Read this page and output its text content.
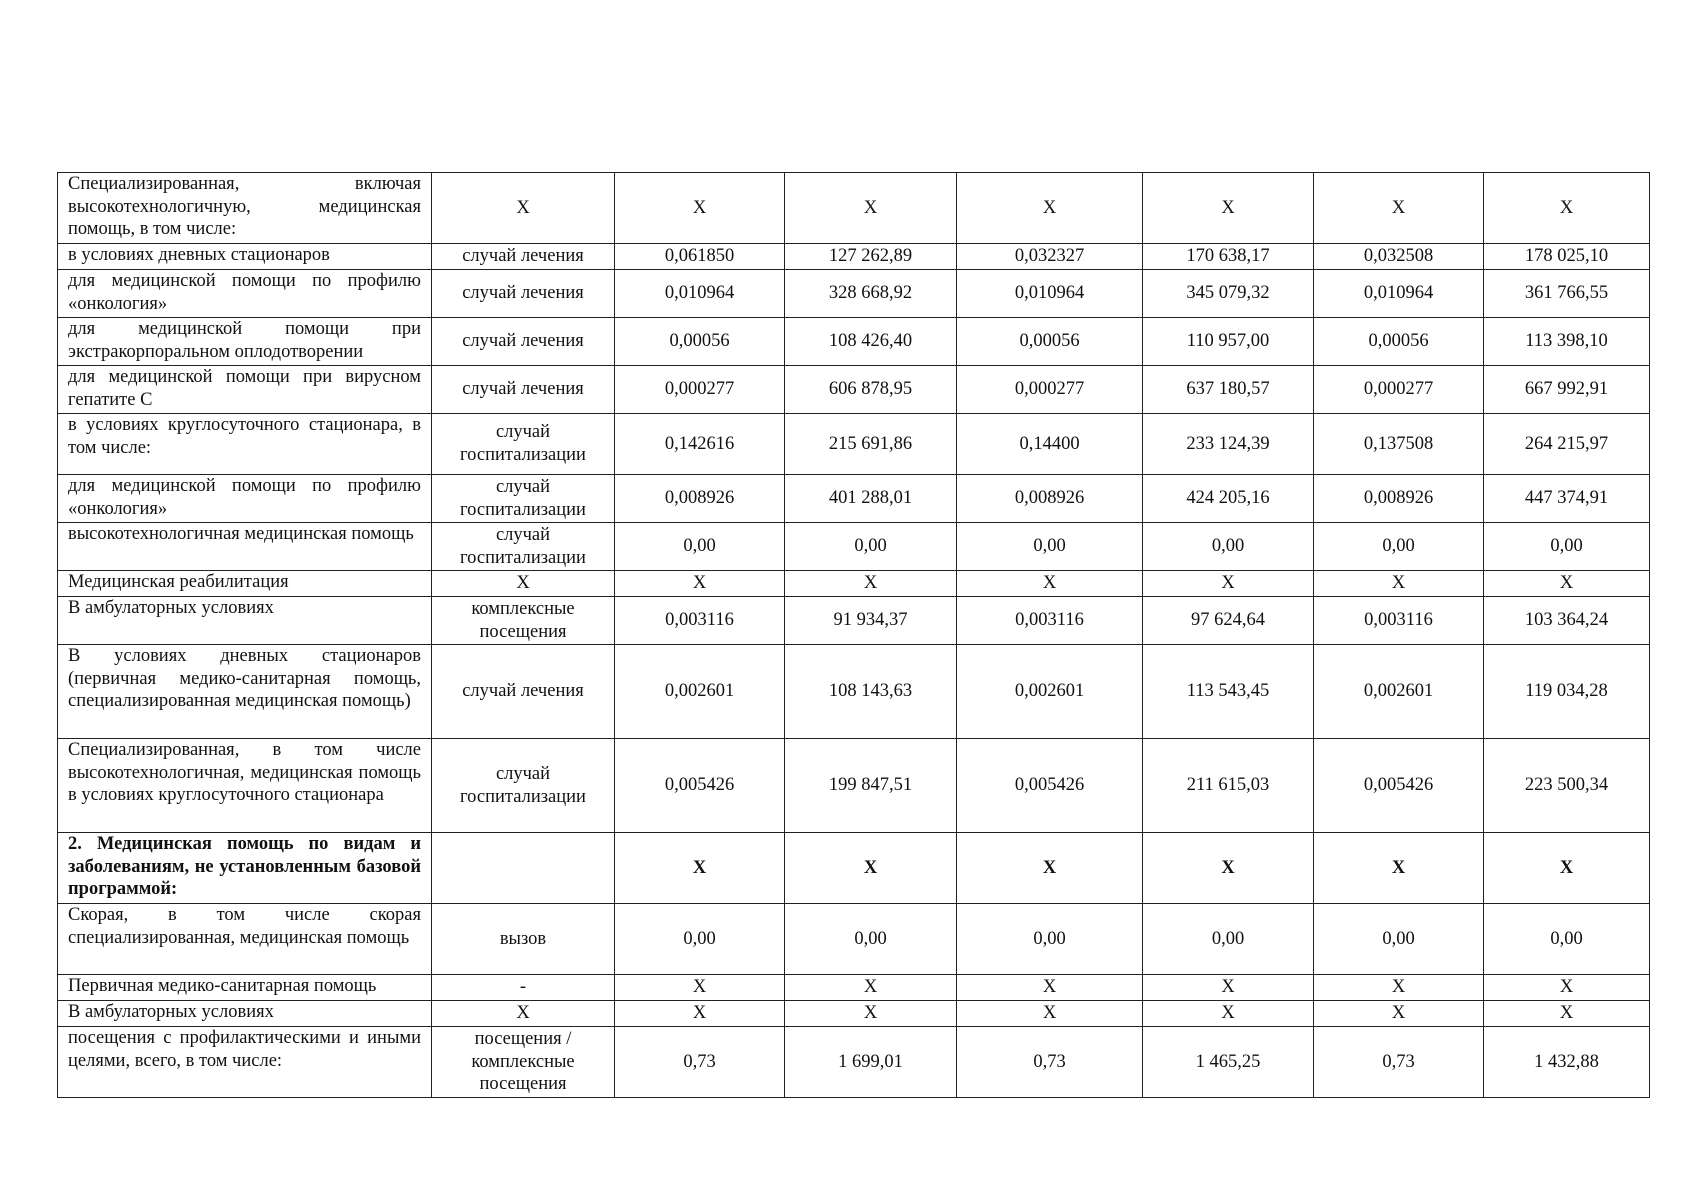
Специализированная, включая высокотехнологичную, медицинская помощь, в том числе:	X	X	X	X	X	X	X
в условиях дневных стационаров	случай лечения	0,061850	127 262,89	0,032327	170 638,17	0,032508	178 025,10
для медицинской помощи по профилю «онкология»	случай лечения	0,010964	328 668,92	0,010964	345 079,32	0,010964	361 766,55
для медицинской помощи при экстракорпоральном оплодотворении	случай лечения	0,00056	108 426,40	0,00056	110 957,00	0,00056	113 398,10
для медицинской помощи при вирусном гепатите С	случай лечения	0,000277	606 878,95	0,000277	637 180,57	0,000277	667 992,91
в условиях круглосуточного стационара, в том числе:	случай госпитализации	0,142616	215 691,86	0,14400	233 124,39	0,137508	264 215,97
для медицинской помощи по профилю «онкология»	случай госпитализации	0,008926	401 288,01	0,008926	424 205,16	0,008926	447 374,91
высокотехнологичная медицинская помощь	случай госпитализации	0,00	0,00	0,00	0,00	0,00	0,00
Медицинская реабилитация	X	X	X	X	X	X	X
В амбулаторных условиях	комплексные посещения	0,003116	91 934,37	0,003116	97 624,64	0,003116	103 364,24
В условиях дневных стационаров (первичная медико-санитарная помощь, специализированная медицинская помощь)	случай лечения	0,002601	108 143,63	0,002601	113 543,45	0,002601	119 034,28
Специализированная, в том числе высокотехнологичная, медицинская помощь в условиях круглосуточного стационара	случай госпитализации	0,005426	199 847,51	0,005426	211 615,03	0,005426	223 500,34
2. Медицинская помощь по видам и заболеваниям, не установленным базовой программой:		X	X	X	X	X	X
Скорая, в том числе скорая специализированная, медицинская помощь	вызов	0,00	0,00	0,00	0,00	0,00	0,00
Первичная медико-санитарная помощь	-	X	X	X	X	X	X
В амбулаторных условиях	X	X	X	X	X	X	X
посещения с профилактическими и иными целями, всего, в том числе:	посещения / комплексные посещения	0,73	1 699,01	0,73	1 465,25	0,73	1 432,88
